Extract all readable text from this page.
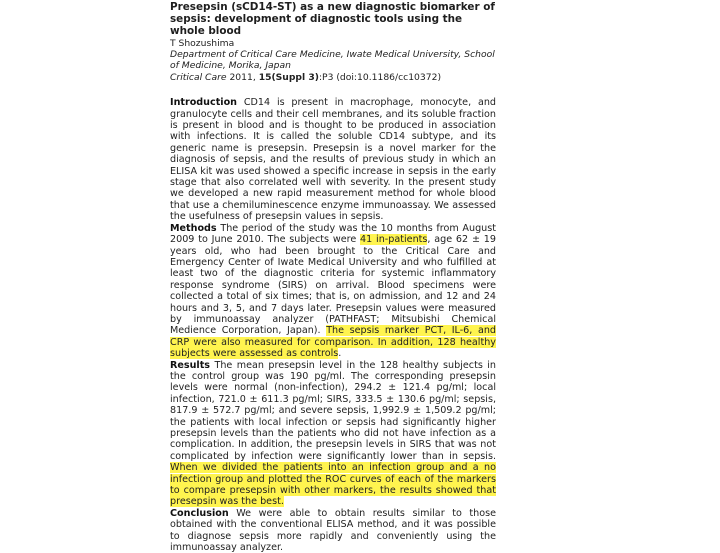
Presepsin (sCD14-ST) as a new diagnostic biomarker of sepsis: development of diagnostic tools using the whole blood

T Shozushima

Department of Critical Care Medicine, Iwate Medical University, School of Medicine, Morika, Japan

Critical Care 2011, 15(Suppl 3):P3 (doi:10.1186/cc10372)

Introduction CD14 is present in macrophage, monocyte, and granulocyte cells and their cell membranes, and its soluble fraction is present in blood and is thought to be produced in association with infections. It is called the soluble CD14 subtype, and its generic name is presepsin. Presepsin is a novel marker for the diagnosis of sepsis, and the results of previous study in which an ELISA kit was used showed a specific increase in sepsis in the early stage that also correlated well with severity. In the present study we developed a new rapid measurement method for whole blood that use a chemiluminescence enzyme immunoassay. We assessed the usefulness of presepsin values in sepsis.

Methods The period of the study was the 10 months from August 2009 to June 2010. The subjects were 41 in-patients, age 62 ± 19 years old, who had been brought to the Critical Care and Emergency Center of Iwate Medical University and who fulfilled at least two of the diagnostic criteria for systemic inflammatory response syndrome (SIRS) on arrival. Blood specimens were collected a total of six times; that is, on admission, and 12 and 24 hours and 3, 5, and 7 days later. Presepsin values were measured by immunoassay analyzer (PATHFAST; Mitsubishi Chemical Medience Corporation, Japan). The sepsis marker PCT, IL-6, and CRP were also measured for comparison. In addition, 128 healthy subjects were assessed as controls.

Results The mean presepsin level in the 128 healthy subjects in the control group was 190 pg/ml. The corresponding presepsin levels were normal (non-infection), 294.2 ± 121.4 pg/ml; local infection, 721.0 ± 611.3 pg/ml; SIRS, 333.5 ± 130.6 pg/ml; sepsis, 817.9 ± 572.7 pg/ml; and severe sepsis, 1,992.9 ± 1,509.2 pg/ml; the patients with local infection or sepsis had significantly higher presepsin levels than the patients who did not have infection as a complication. In addition, the presepsin levels in SIRS that was not complicated by infection were significantly lower than in sepsis. When we divided the patients into an infection group and a no infection group and plotted the ROC curves of each of the markers to compare presepsin with other markers, the results showed that presepsin was the best.

Conclusion We were able to obtain results similar to those obtained with the conventional ELISA method, and it was possible to diagnose sepsis more rapidly and conveniently using the immunoassay analyzer.
